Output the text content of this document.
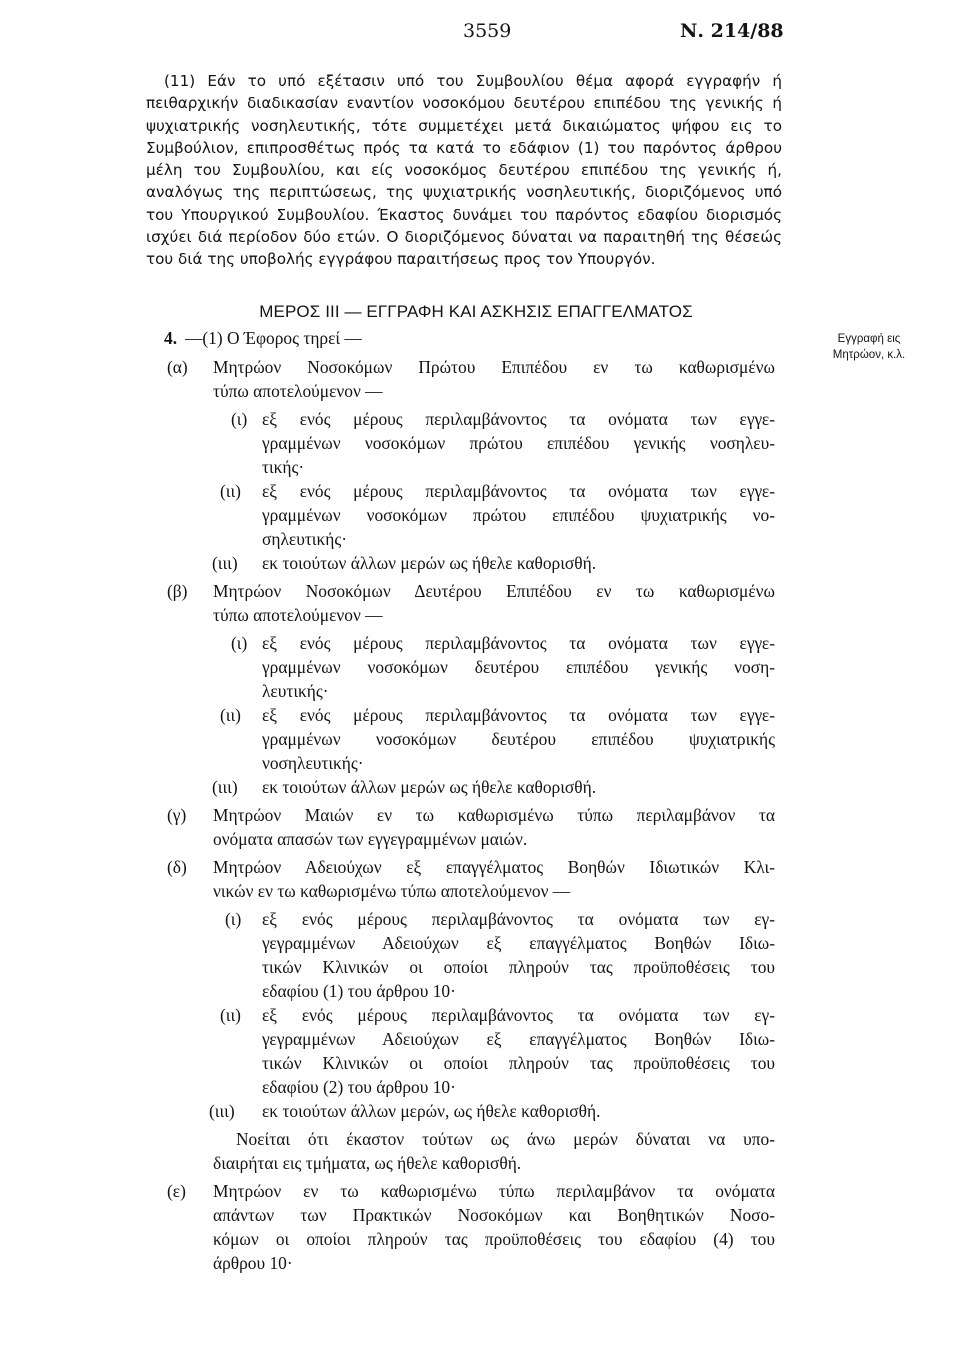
3559	Ν. 214/88

(11) Εάν το υπό εξέτασιν υπό του Συμβουλίου θέμα αφορά εγγραφήν ή πειθαρχικήν διαδικασίαν εναντίον νοσοκόμου δευτέρου επιπέδου της γενικής ή ψυχιατρικής νοσηλευτικής, τότε συμμετέχει μετά δικαιώματος ψήφου εις το Συμβούλιον, επιπροσθέτως πρός τα κατά το εδάφιον (1) του παρόντος άρθρου μέλη του Συμβουλίου, και είς νοσοκόμος δευτέρου επιπέδου της γενικής ή, αναλόγως της περιπτώσεως, της ψυχιατρικής νοσηλευτικής, διοριζόμενος υπό του Υπουργικού Συμβουλίου. Έκαστος δυνάμει του παρόντος εδαφίου διορισμός ισχύει διά περίοδον δύο ετών. Ο διοριζόμενος δύναται να παραιτηθή της θέσεώς του διά της υποβολής εγγράφου παραιτήσεως προς τον Υπουργόν.

ΜΕΡΟΣ ΙΙΙ — ΕΓΓΡΑΦΗ ΚΑΙ ΑΣΚΗΣΙΣ ΕΠΑΓΓΕΛΜΑΤΟΣ
Εγγραφή εις
Μητρώον, κ.λ.
4. —(1) Ο Έφορος τηρεί —
(α) Μητρώον Νοσοκόμων Πρώτου Επιπέδου εν τω καθωρισμένω
τύπω αποτελούμενον —
(ι) εξ ενός μέρους περιλαμβάνοντος τα ονόματα των εγγε-
γραμμένων νοσοκόμων πρώτου επιπέδου γενικής νοσηλευ-
τικής·
(ιι) εξ ενός μέρους περιλαμβάνοντος τα ονόματα των εγγε-
γραμμένων νοσοκόμων πρώτου επιπέδου ψυχιατρικής νο-
σηλευτικής·
(ιιι) εκ τοιούτων άλλων μερών ως ήθελε καθορισθή.
(β) Μητρώον Νοσοκόμων Δευτέρου Επιπέδου εν τω καθωρισμένω
τύπω αποτελούμενον —
(ι) εξ ενός μέρους περιλαμβάνοντος τα ονόματα των εγγε-
γραμμένων νοσοκόμων δευτέρου επιπέδου γενικής νοση-
λευτικής·
(ιι) εξ ενός μέρους περιλαμβάνοντος τα ονόματα των εγγε-
γραμμένων νοσοκόμων δευτέρου επιπέδου ψυχιατρικής
νοσηλευτικής·
(ιιι) εκ τοιούτων άλλων μερών ως ήθελε καθορισθή.
(γ) Μητρώον Μαιών εν τω καθωρισμένω τύπω περιλαμβάνον τα
ονόματα απασών των εγγεγραμμένων μαιών.
(δ) Μητρώον Αδειούχων εξ επαγγέλματος Βοηθών Ιδιωτικών Κλι-
νικών εν τω καθωρισμένω τύπω αποτελούμενον —
(ι) εξ ενός μέρους περιλαμβάνοντος τα ονόματα των εγ-
γεγραμμένων Αδειούχων εξ επαγγέλματος Βοηθών Ιδιω-
τικών Κλινικών οι οποίοι πληρούν τας προϋποθέσεις του
εδαφίου (1) του άρθρου 10·
(ιι) εξ ενός μέρους περιλαμβάνοντος τα ονόματα των εγ-
γεγραμμένων Αδειούχων εξ επαγγέλματος Βοηθών Ιδιω-
τικών Κλινικών οι οποίοι πληρούν τας προϋποθέσεις του
εδαφίου (2) του άρθρου 10·
(ιιι) εκ τοιούτων άλλων μερών, ως ήθελε καθορισθή.
Νοείται ότι έκαστον τούτων ως άνω μερών δύναται να υπο-
διαιρήται εις τμήματα, ως ήθελε καθορισθή.
(ε) Μητρώον εν τω καθωρισμένω τύπω περιλαμβάνον τα ονόματα
απάντων των Πρακτικών Νοσοκόμων και Βοηθητικών Νοσο-
κόμων οι οποίοι πληρούν τας προϋποθέσεις του εδαφίου (4) του
άρθρου 10·
